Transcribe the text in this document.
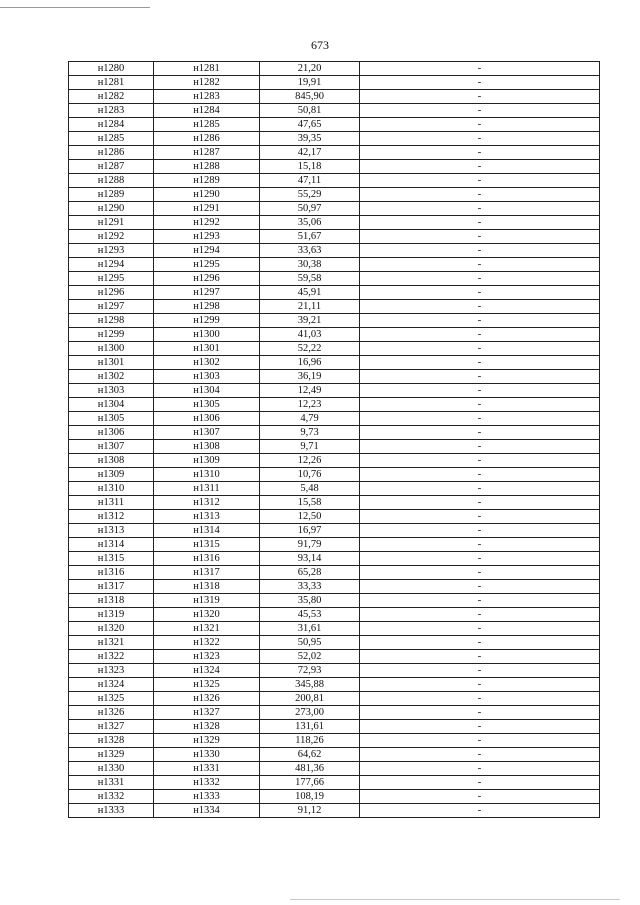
673
н1280	н1281	21,20	-
н1281	н1282	19,91	-
н1282	н1283	845,90	-
н1283	н1284	50,81	-
н1284	н1285	47,65	-
н1285	н1286	39,35	-
н1286	н1287	42,17	-
н1287	н1288	15,18	-
н1288	н1289	47,11	-
н1289	н1290	55,29	-
н1290	н1291	50,97	-
н1291	н1292	35,06	-
н1292	н1293	51,67	-
н1293	н1294	33,63	-
н1294	н1295	30,38	-
н1295	н1296	59,58	-
н1296	н1297	45,91	-
н1297	н1298	21,11	-
н1298	н1299	39,21	-
н1299	н1300	41,03	-
н1300	н1301	52,22	-
н1301	н1302	16,96	-
н1302	н1303	36,19	-
н1303	н1304	12,49	-
н1304	н1305	12,23	-
н1305	н1306	4,79	-
н1306	н1307	9,73	-
н1307	н1308	9,71	-
н1308	н1309	12,26	-
н1309	н1310	10,76	-
н1310	н1311	5,48	-
н1311	н1312	15,58	-
н1312	н1313	12,50	-
н1313	н1314	16,97	-
н1314	н1315	91,79	-
н1315	н1316	93,14	-
н1316	н1317	65,28	-
н1317	н1318	33,33	-
н1318	н1319	35,80	-
н1319	н1320	45,53	-
н1320	н1321	31,61	-
н1321	н1322	50,95	-
н1322	н1323	52,02	-
н1323	н1324	72,93	-
н1324	н1325	345,88	-
н1325	н1326	200,81	-
н1326	н1327	273,00	-
н1327	н1328	131,61	-
н1328	н1329	118,26	-
н1329	н1330	64,62	-
н1330	н1331	481,36	-
н1331	н1332	177,66	-
н1332	н1333	108,19	-
н1333	н1334	91,12	-
